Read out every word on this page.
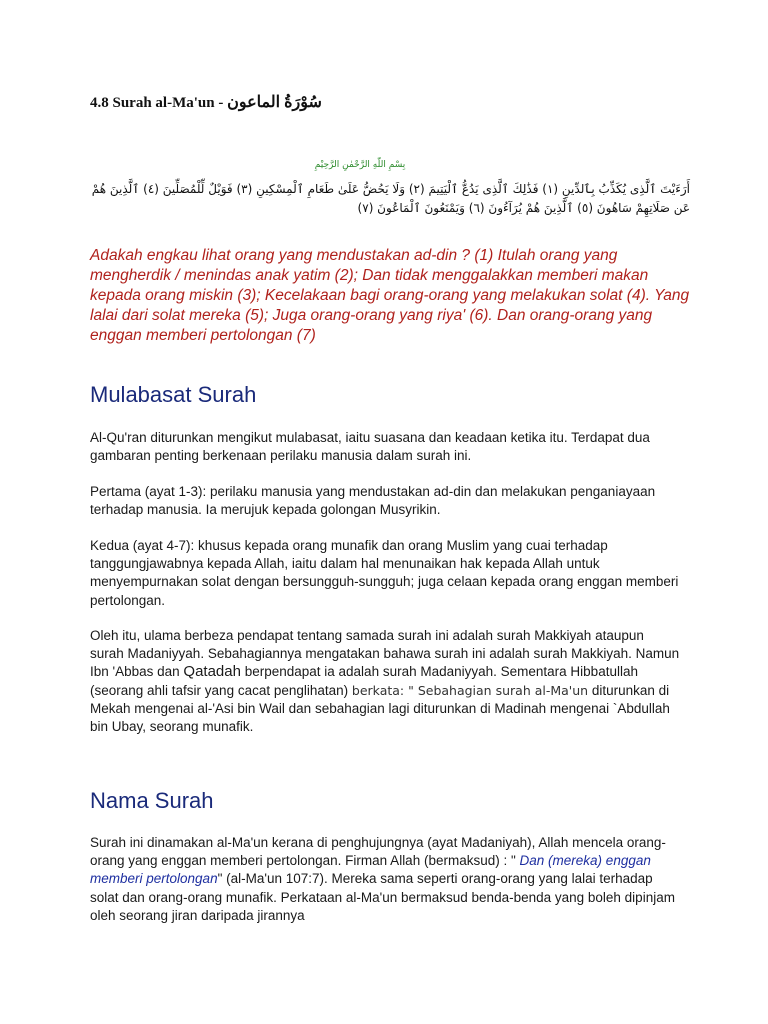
4.8 Surah al-Ma'un - سُوْرَةُ الماعون
بِسْمِ اللّٰهِ الرَّحْمٰنِ الرَّحِيْمِ
أَرَءَيْتَ ٱلَّذِى يُكَذِّبُ بِٱلدِّينِ (١) فَذَٰلِكَ ٱلَّذِى يَدُعُّ ٱلْيَتِيمَ (٢) وَلَا يَحُضُّ عَلَىٰ طَعَامِ ٱلْمِسْكِينِ (٣) فَوَيْلٌ لِّلْمُصَلِّينَ (٤) ٱلَّذِينَ هُمْ عَن صَلَاتِهِمْ سَاهُونَ (٥) ٱلَّذِينَ هُمْ يُرَآءُونَ (٦) وَيَمْنَعُونَ ٱلْمَاعُونَ (٧)
Adakah engkau lihat orang yang mendustakan ad-din ? (1) Itulah orang yang mengherdik / menindas anak yatim (2); Dan tidak menggalakkan memberi makan kepada orang miskin (3); Kecelakaan bagi orang-orang yang melakukan solat (4). Yang lalai dari solat mereka (5); Juga orang-orang yang riya' (6). Dan orang-orang yang enggan memberi pertolongan (7)
Mulabasat Surah

Al-Qu'ran diturunkan mengikut mulabasat, iaitu suasana dan keadaan ketika itu. Terdapat dua gambaran penting berkenaan perilaku manusia dalam surah ini.

Pertama (ayat 1-3): perilaku manusia yang mendustakan ad-din dan melakukan penganiayaan terhadap manusia. Ia merujuk kepada golongan Musyrikin.

Kedua (ayat 4-7): khusus kepada orang munafik dan orang Muslim yang cuai terhadap tanggungjawabnya kepada Allah, iaitu dalam hal menunaikan hak kepada Allah untuk menyempurnakan solat dengan bersungguh-sungguh; juga celaan kepada orang enggan memberi pertolongan.

Oleh itu, ulama berbeza pendapat tentang samada surah ini adalah surah Makkiyah ataupun surah Madaniyyah. Sebahagiannya mengatakan bahawa surah ini adalah surah Makkiyah. Namun Ibn 'Abbas dan Qatadah berpendapat ia adalah surah Madaniyyah. Sementara Hibbatullah (seorang ahli tafsir yang cacat penglihatan) berkata: " Sebahagian surah al-Ma'un diturunkan di Mekah mengenai al-'Asi bin Wail dan sebahagian lagi diturunkan di Madinah mengenai `Abdullah bin Ubay, seorang munafik.

Nama Surah

Surah ini dinamakan al-Ma'un kerana di penghujungnya (ayat Madaniyah), Allah mencela orang-orang yang enggan memberi pertolongan. Firman Allah (bermaksud) : " Dan (mereka) enggan memberi pertolongan" (al-Ma'un 107:7). Mereka sama seperti orang-orang yang lalai terhadap solat dan orang-orang munafik. Perkataan al-Ma'un bermaksud benda-benda yang boleh dipinjam oleh seorang jiran daripada jirannya
